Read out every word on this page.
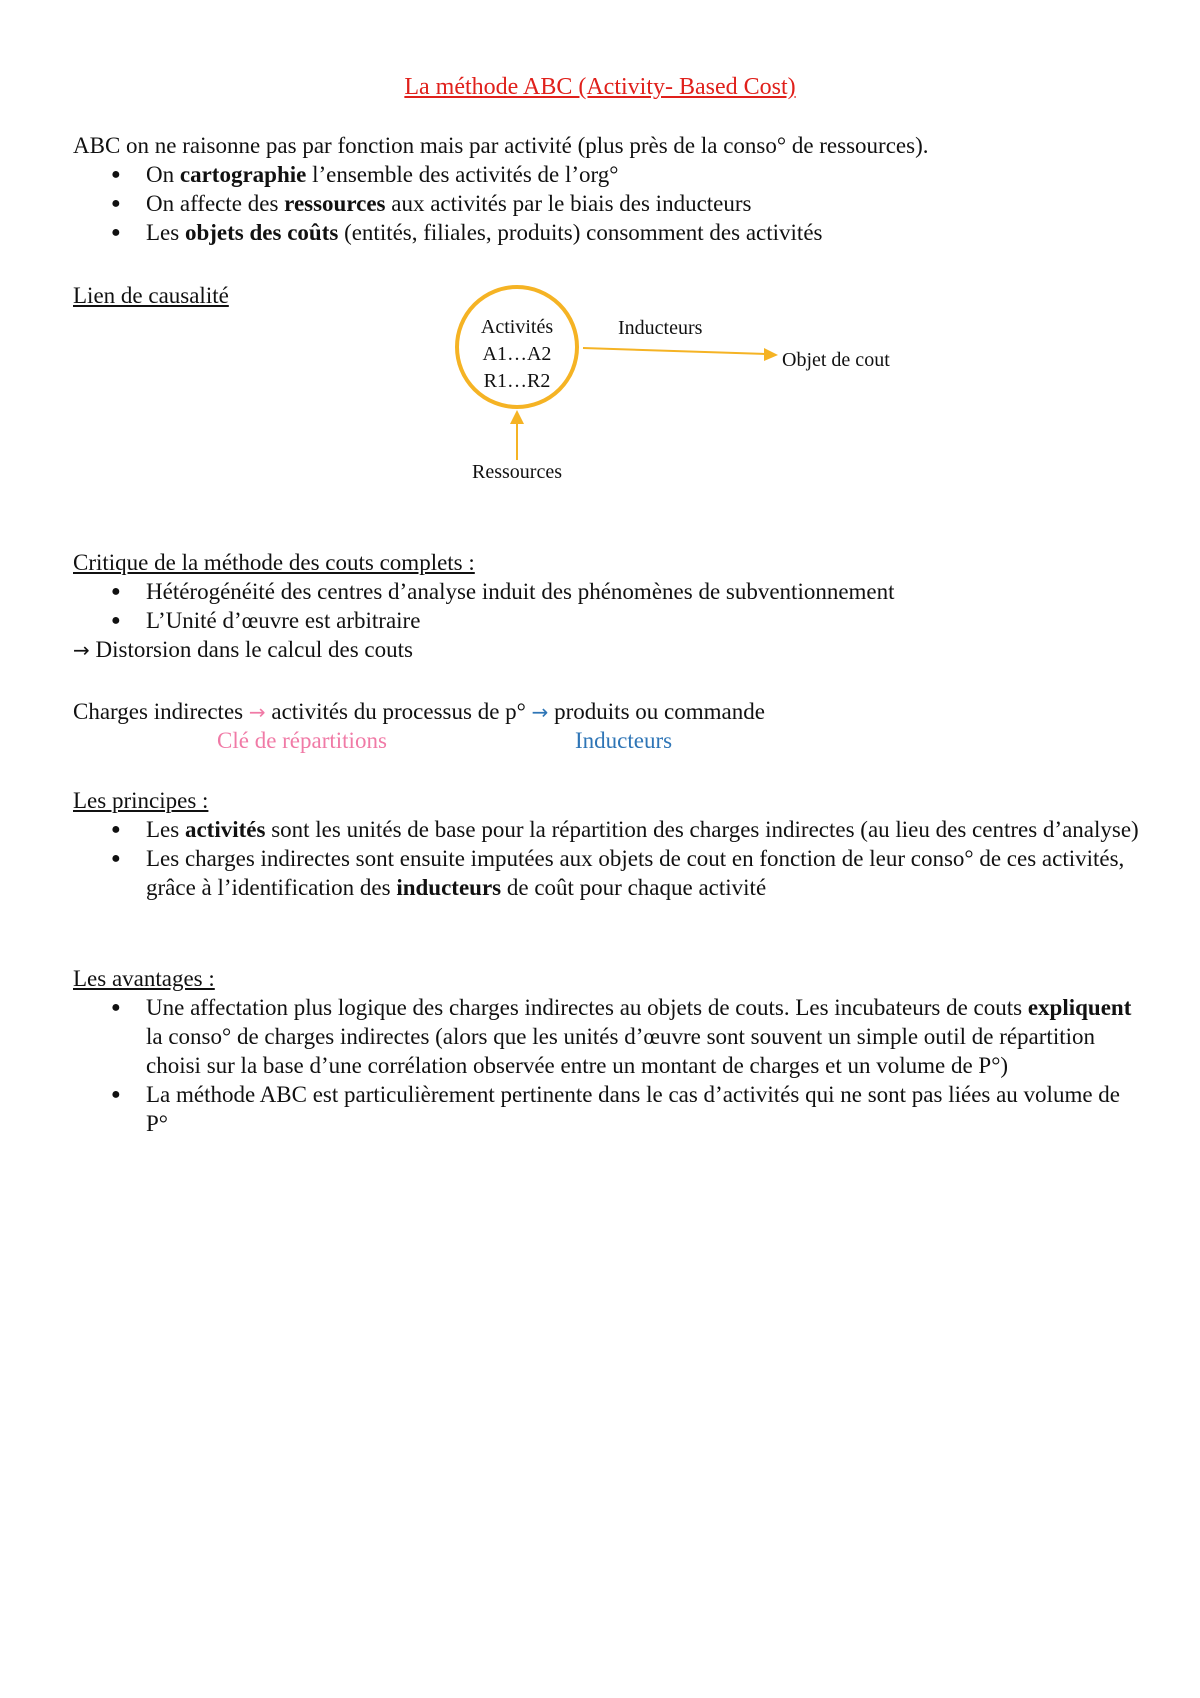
La méthode ABC (Activity- Based Cost)
ABC on ne raisonne pas par fonction mais par activité (plus près de la conso° de ressources).
● On cartographie l’ensemble des activités de l’org°
● On affecte des ressources aux activités par le biais des inducteurs
● Les objets des coûts (entités, filiales, produits) consomment des activités
Lien de causalité
Activités
A1…A2
R1…R2
Inducteurs
Objet de cout
Ressources
Critique de la méthode des couts complets :
● Hétérogénéité des centres d’analyse induit des phénomènes de subventionnement
● L’Unité d’œuvre est arbitraire
→ Distorsion dans le calcul des couts
Charges indirectes → activités du processus de p° → produits ou commande
Clé de répartitions	Inducteurs
Les principes :
● Les activités sont les unités de base pour la répartition des charges indirectes (au lieu des centres d’analyse)
● Les charges indirectes sont ensuite imputées aux objets de cout en fonction de leur conso° de ces activités, grâce à l’identification des inducteurs de coût pour chaque activité
Les avantages :
● Une affectation plus logique des charges indirectes au objets de couts. Les incubateurs de couts expliquent la conso° de charges indirectes (alors que les unités d’œuvre sont souvent un simple outil de répartition choisi sur la base d’une corrélation observée entre un montant de charges et un volume de P°)
● La méthode ABC est particulièrement pertinente dans le cas d’activités qui ne sont pas liées au volume de P°
